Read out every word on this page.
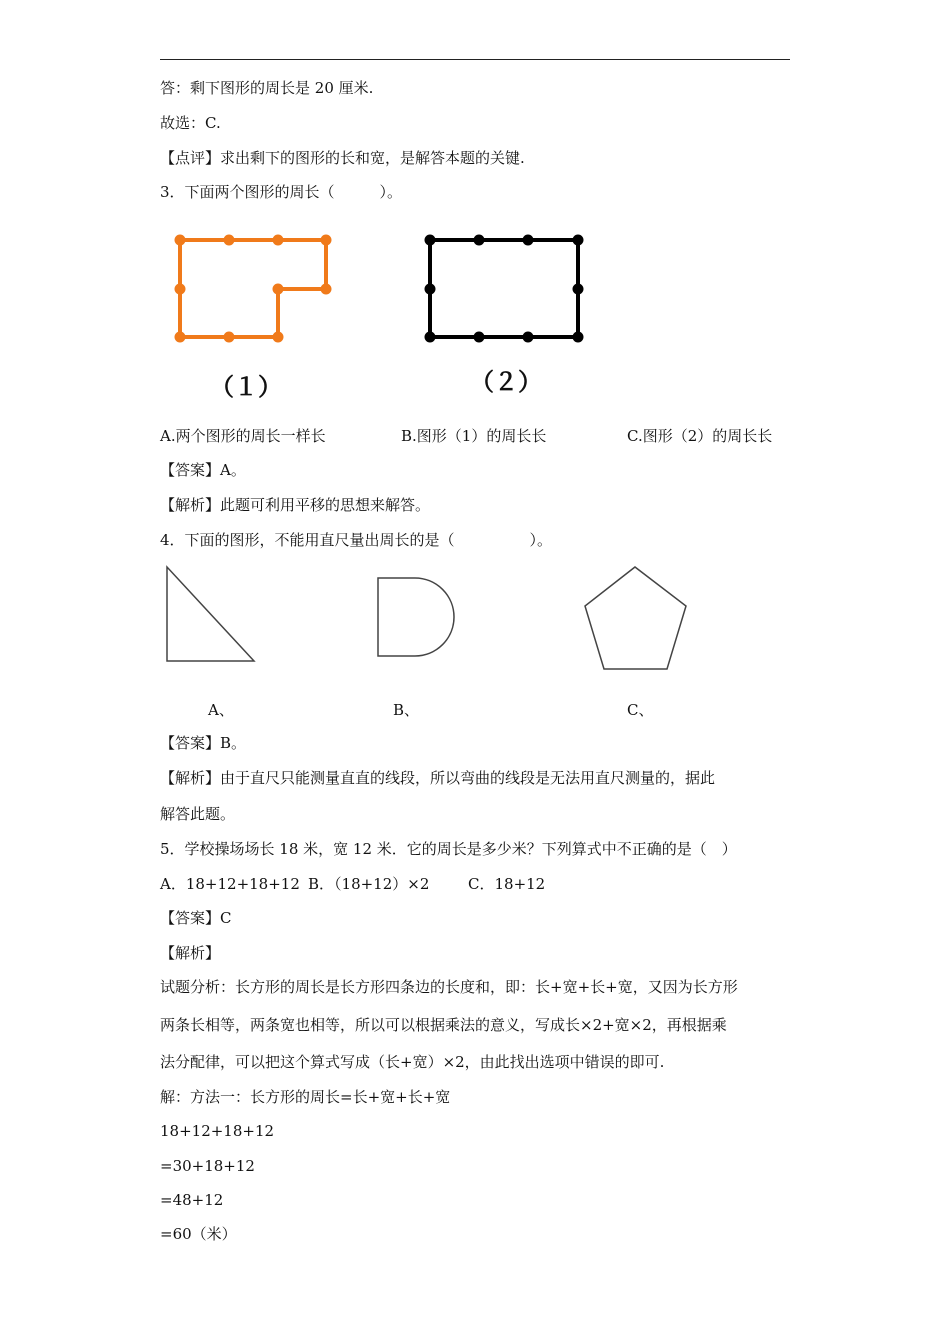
答：剩下图形的周长是 20 厘米.
故选：C.
【点评】求出剩下的图形的长和宽，是解答本题的关键.
3．下面两个图形的周长（　　　）。
（１）	（２）
A.两个图形的周长一样长	B.图形（1）的周长长	C.图形（2）的周长长
【答案】A。
【解析】此题可利用平移的思想来解答。
4．下面的图形，不能用直尺量出周长的是（　　　　　）。
A、	B、	C、
【答案】B。
【解析】由于直尺只能测量直直的线段，所以弯曲的线段是无法用直尺测量的，据此
解答此题。
5．学校操场场长 18 米，宽 12 米．它的周长是多少米？下列算式中不正确的是（　）
A．18+12+18+12 B．（18+12）×2	C．18+12
【答案】C
【解析】
试题分析：长方形的周长是长方形四条边的长度和，即：长+宽+长+宽，又因为长方形
两条长相等，两条宽也相等，所以可以根据乘法的意义，写成长×2+宽×2，再根据乘
法分配律，可以把这个算式写成（长+宽）×2，由此找出选项中错误的即可.
解：方法一：长方形的周长=长+宽+长+宽
18+12+18+12
=30+18+12
=48+12
=60（米）
